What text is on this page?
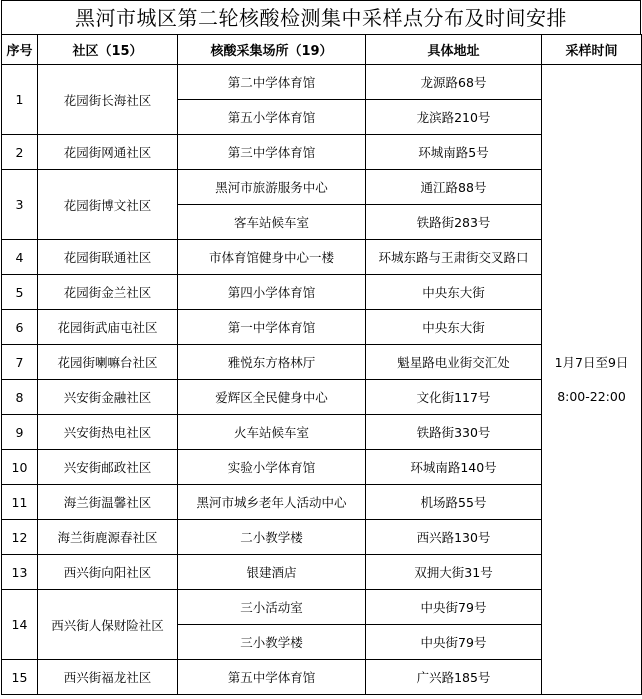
黑河市城区第二轮核酸检测集中采样点分布及时间安排
序号	社区（15）	核酸采集场所（19）	具体地址	采样时间
1	花园街长海社区	第二中学体育馆	龙源路68号	1月7日至9日
8:00-22:00

		第五小学体育馆	龙滨路210号	
2	花园街网通社区	第三中学体育馆	环城南路5号	
3	花园街博文社区	黑河市旅游服务中心	通江路88号	
		客车站候车室	铁路街283号	
4	花园街联通社区	市体育馆健身中心一楼	环城东路与王肃街交叉路口	
5	花园街金兰社区	第四小学体育馆	中央东大街	
6	花园街武庙屯社区	第一中学体育馆	中央东大街	
7	花园街喇嘛台社区	雅悦东方格林厅	魁星路电业街交汇处	
8	兴安街金融社区	爱辉区全民健身中心	文化街117号	
9	兴安街热电社区	火车站候车室	铁路街330号	
10	兴安街邮政社区	实验小学体育馆	环城南路140号	
11	海兰街温馨社区	黑河市城乡老年人活动中心	机场路55号	
12	海兰街鹿源春社区	二小教学楼	西兴路130号	
13	西兴街向阳社区	银建酒店	双拥大街31号	
14	西兴街人保财险社区	三小活动室	中央街79号	
		三小教学楼	中央街79号	
15	西兴街福龙社区	第五中学体育馆	广兴路185号	
